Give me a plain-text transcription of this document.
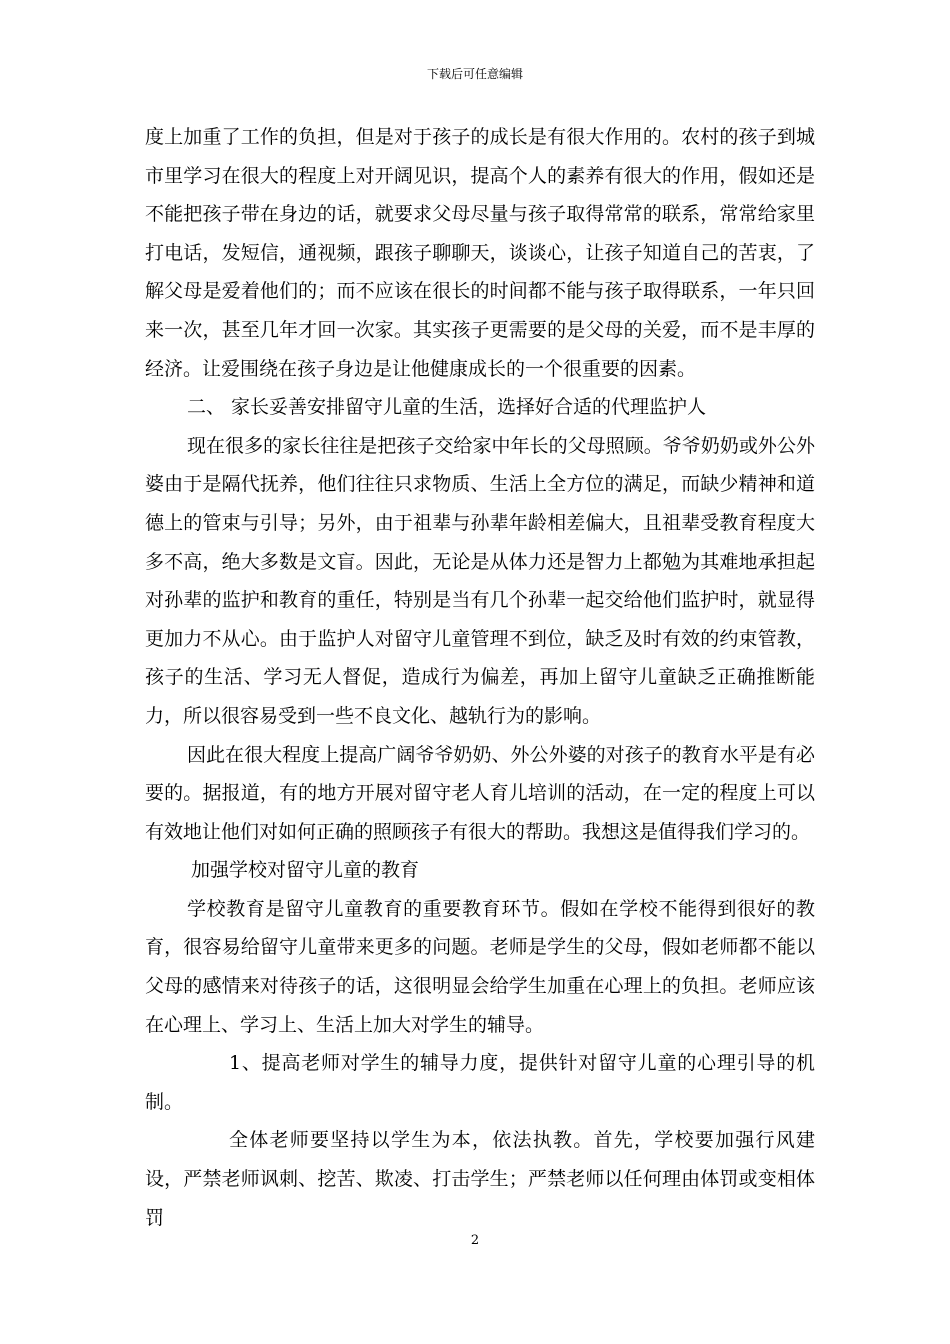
下载后可任意编辑

度上加重了工作的负担，但是对于孩子的成长是有很大作用的。农村的孩子到城市里学习在很大的程度上对开阔见识，提高个人的素养有很大的作用，假如还是不能把孩子带在身边的话，就要求父母尽量与孩子取得常常的联系，常常给家里打电话，发短信，通视频，跟孩子聊聊天，谈谈心，让孩子知道自己的苦衷，了解父母是爱着他们的；而不应该在很长的时间都不能与孩子取得联系，一年只回来一次，甚至几年才回一次家。其实孩子更需要的是父母的关爱，而不是丰厚的经济。让爱围绕在孩子身边是让他健康成长的一个很重要的因素。

二、 家长妥善安排留守儿童的生活，选择好合适的代理监护人

现在很多的家长往往是把孩子交给家中年长的父母照顾。爷爷奶奶或外公外婆由于是隔代抚养，他们往往只求物质、生活上全方位的满足，而缺少精神和道德上的管束与引导；另外，由于祖辈与孙辈年龄相差偏大，且祖辈受教育程度大多不高，绝大多数是文盲。因此，无论是从体力还是智力上都勉为其难地承担起对孙辈的监护和教育的重任，特别是当有几个孙辈一起交给他们监护时，就显得更加力不从心。由于监护人对留守儿童管理不到位，缺乏及时有效的约束管教，孩子的生活、学习无人督促，造成行为偏差，再加上留守儿童缺乏正确推断能力，所以很容易受到一些不良文化、越轨行为的影响。

因此在很大程度上提高广阔爷爷奶奶、外公外婆的对孩子的教育水平是有必要的。据报道，有的地方开展对留守老人育儿培训的活动，在一定的程度上可以有效地让他们对如何正确的照顾孩子有很大的帮助。我想这是值得我们学习的。

加强学校对留守儿童的教育

学校教育是留守儿童教育的重要教育环节。假如在学校不能得到很好的教育，很容易给留守儿童带来更多的问题。老师是学生的父母，假如老师都不能以父母的感情来对待孩子的话，这很明显会给学生加重在心理上的负担。老师应该在心理上、学习上、生活上加大对学生的辅导。

1、提高老师对学生的辅导力度，提供针对留守儿童的心理引导的机制。

全体老师要坚持以学生为本，依法执教。首先，学校要加强行风建设，严禁老师讽刺、挖苦、欺凌、打击学生；严禁老师以任何理由体罚或变相体罚

2
